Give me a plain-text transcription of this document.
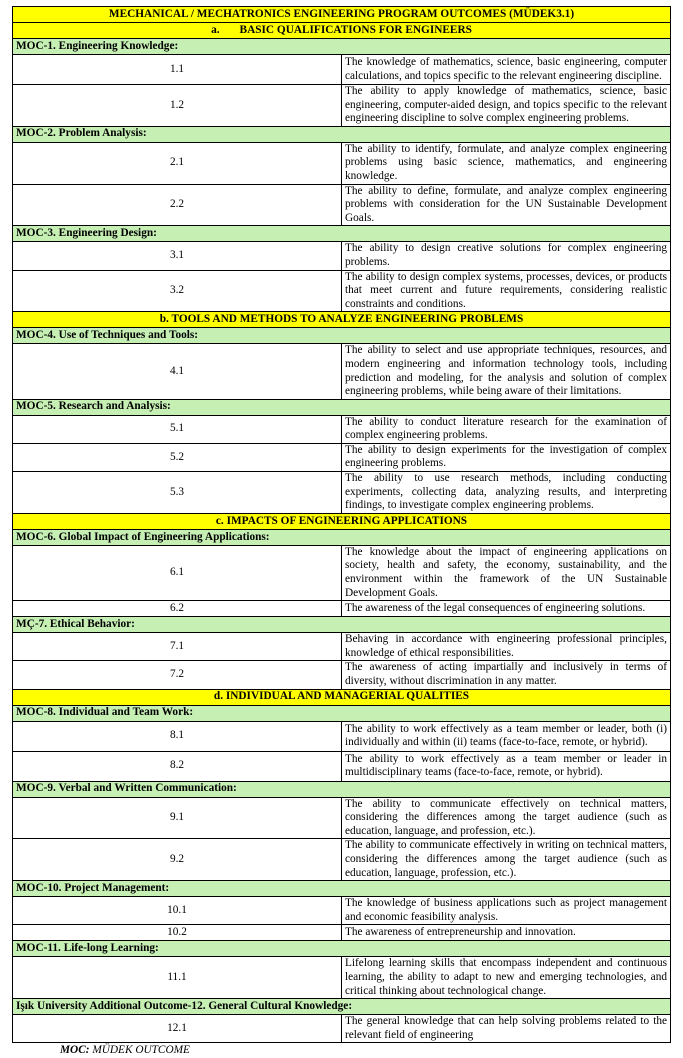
MECHANICAL / MECHATRONICS ENGINEERING PROGRAM OUTCOMES (MÜDEK3.1)	
a. BASIC QUALIFICATIONS FOR ENGINEERS	
MOC-1. Engineering Knowledge:	
1.1	The knowledge of mathematics, science, basic engineering, computer calculations, and topics specific to the relevant engineering discipline.
1.2	The ability to apply knowledge of mathematics, science, basic engineering, computer-aided design, and topics specific to the relevant engineering discipline to solve complex engineering problems.
MOC-2. Problem Analysis:	
2.1	The ability to identify, formulate, and analyze complex engineering problems using basic science, mathematics, and engineering knowledge.
2.2	The ability to define, formulate, and analyze complex engineering problems with consideration for the UN Sustainable Development Goals.
MOC-3. Engineering Design:	
3.1	The ability to design creative solutions for complex engineering problems.
3.2	The ability to design complex systems, processes, devices, or products that meet current and future requirements, considering realistic constraints and conditions.
b. TOOLS AND METHODS TO ANALYZE ENGINEERING PROBLEMS	
MOC-4. Use of Techniques and Tools:	
4.1	The ability to select and use appropriate techniques, resources, and modern engineering and information technology tools, including prediction and modeling, for the analysis and solution of complex engineering problems, while being aware of their limitations.
MOC-5. Research and Analysis:	
5.1	The ability to conduct literature research for the examination of complex engineering problems.
5.2	The ability to design experiments for the investigation of complex engineering problems.
5.3	The ability to use research methods, including conducting experiments, collecting data, analyzing results, and interpreting findings, to investigate complex engineering problems.
c. IMPACTS OF ENGINEERING APPLICATIONS	
MOC-6. Global Impact of Engineering Applications:	
6.1	The knowledge about the impact of engineering applications on society, health and safety, the economy, sustainability, and the environment within the framework of the UN Sustainable Development Goals.
6.2	The awareness of the legal consequences of engineering solutions.
MÇ-7. Ethical Behavior:	
7.1	Behaving in accordance with engineering professional principles, knowledge of ethical responsibilities.
7.2	The awareness of acting impartially and inclusively in terms of diversity, without discrimination in any matter.
d. INDIVIDUAL AND MANAGERIAL QUALITIES	
MOC-8. Individual and Team Work:	
8.1	The ability to work effectively as a team member or leader, both (i) individually and within (ii) teams (face-to-face, remote, or hybrid).
8.2	The ability to work effectively as a team member or leader in multidisciplinary teams (face-to-face, remote, or hybrid).
MOC-9. Verbal and Written Communication:	
9.1	The ability to communicate effectively on technical matters, considering the differences among the target audience (such as education, language, and profession, etc.).
9.2	The ability to communicate effectively in writing on technical matters, considering the differences among the target audience (such as education, language, profession, etc.).
MOC-10. Project Management:	
10.1	The knowledge of business applications such as project management and economic feasibility analysis.
10.2	The awareness of entrepreneurship and innovation.
MOC-11. Life-long Learning:	
11.1	Lifelong learning skills that encompass independent and continuous learning, the ability to adapt to new and emerging technologies, and critical thinking about technological change.
Işık University Additional Outcome-12. General Cultural Knowledge:	
12.1	The general knowledge that can help solving problems related to the relevant field of engineering
MOC: MÜDEK OUTCOME
